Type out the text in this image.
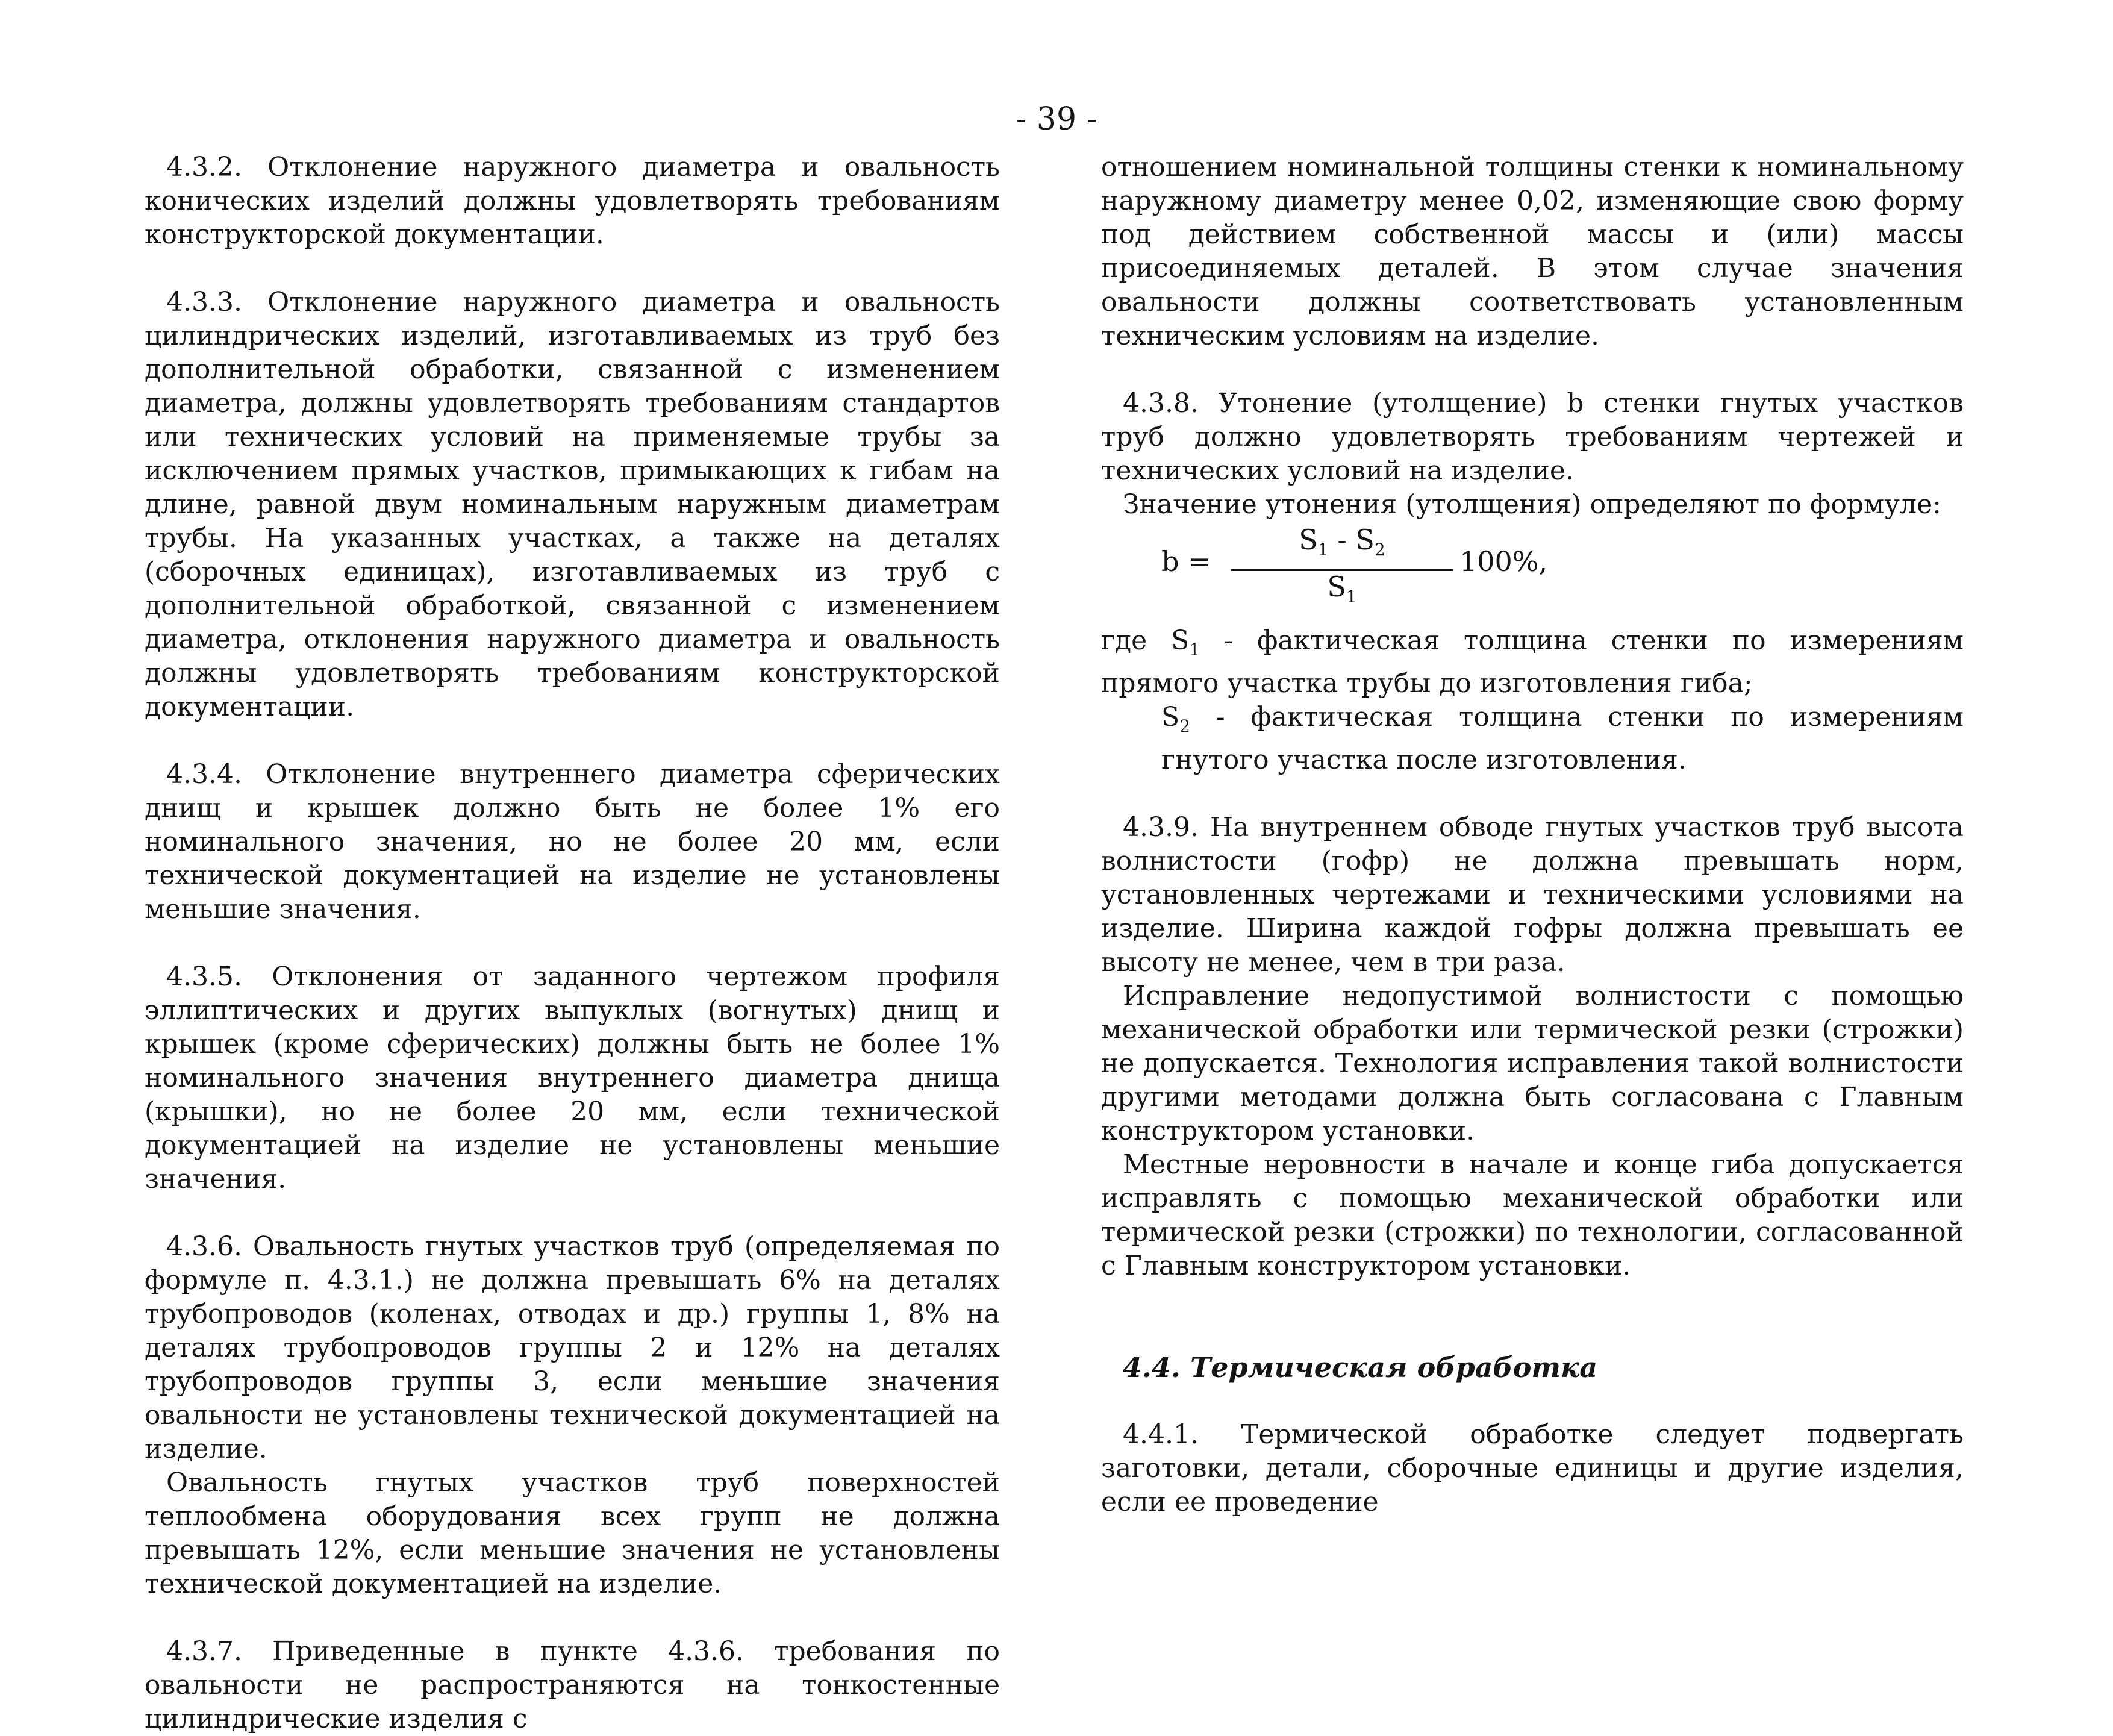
- 39 -

4.3.2. Отклонение наружного диаметра и овальность конических изделий должны удовлетворять требованиям конструкторской документации.

4.3.3. Отклонение наружного диаметра и овальность цилиндрических изделий, изготавливаемых из труб без дополнительной обработки, связанной с изменением диаметра, должны удовлетворять требованиям стандартов или технических условий на применяемые трубы за исключением прямых участков, примыкающих к гибам на длине, равной двум номинальным наружным диаметрам трубы. На указанных участках, а также на деталях (сборочных единицах), изготавливаемых из труб с дополнительной обработкой, связанной с изменением диаметра, отклонения наружного диаметра и овальность должны удовлетворять требованиям конструкторской документации.

4.3.4. Отклонение внутреннего диаметра сферических днищ и крышек должно быть не более 1% его номинального значения, но не более 20 мм, если технической документацией на изделие не установлены меньшие значения.

4.3.5. Отклонения от заданного чертежом профиля эллиптических и других выпуклых (вогнутых) днищ и крышек (кроме сферических) должны быть не более 1% номинального значения внутреннего диаметра днища (крышки), но не более 20 мм, если технической документацией на изделие не установлены меньшие значения.

4.3.6. Овальность гнутых участков труб (определяемая по формуле п. 4.3.1.) не должна превышать 6% на деталях трубопроводов (коленах, отводах и др.) группы 1, 8% на деталях трубопроводов группы 2 и 12% на деталях трубопроводов группы 3, если меньшие значения овальности не установлены технической документацией на изделие.

Овальность гнутых участков труб поверхностей теплообмена оборудования всех групп не должна превышать 12%, если меньшие значения не установлены технической документацией на изделие.

4.3.7. Приведенные в пункте 4.3.6. требования по овальности не распространяются на тонкостенные цилиндрические изделия с

отношением номинальной толщины стенки к номинальному наружному диаметру менее 0,02, изменяющие свою форму под действием собственной массы и (или) массы присоединяемых деталей. В этом случае значения овальности должны соответствовать установленным техническим условиям на изделие.

4.3.8. Утонение (утолщение) b стенки гнутых участков труб должно удовлетворять требованиям чертежей и технических условий на изделие.

Значение утонения (утолщения) определяют по формуле:

$b = \frac{S_1 - S_2}{S_1} 100\%$,

где $S_1$ - фактическая толщина стенки по измерениям прямого участка трубы до изготовления гиба;

$S_2$ - фактическая толщина стенки по измерениям гнутого участка после изготовления.

4.3.9. На внутреннем обводе гнутых участков труб высота волнистости (гофр) не должна превышать норм, установленных чертежами и техническими условиями на изделие. Ширина каждой гофры должна превышать ее высоту не менее, чем в три раза.

Исправление недопустимой волнистости с помощью механической обработки или термической резки (строжки) не допускается. Технология исправления такой волнистости другими методами должна быть согласована с Главным конструктором установки.

Местные неровности в начале и конце гиба допускается исправлять с помощью механической обработки или термической резки (строжки) по технологии, согласованной с Главным конструктором установки.

4.4. Термическая обработка

4.4.1. Термической обработке следует подвергать заготовки, детали, сборочные единицы и другие изделия, если ее проведение
